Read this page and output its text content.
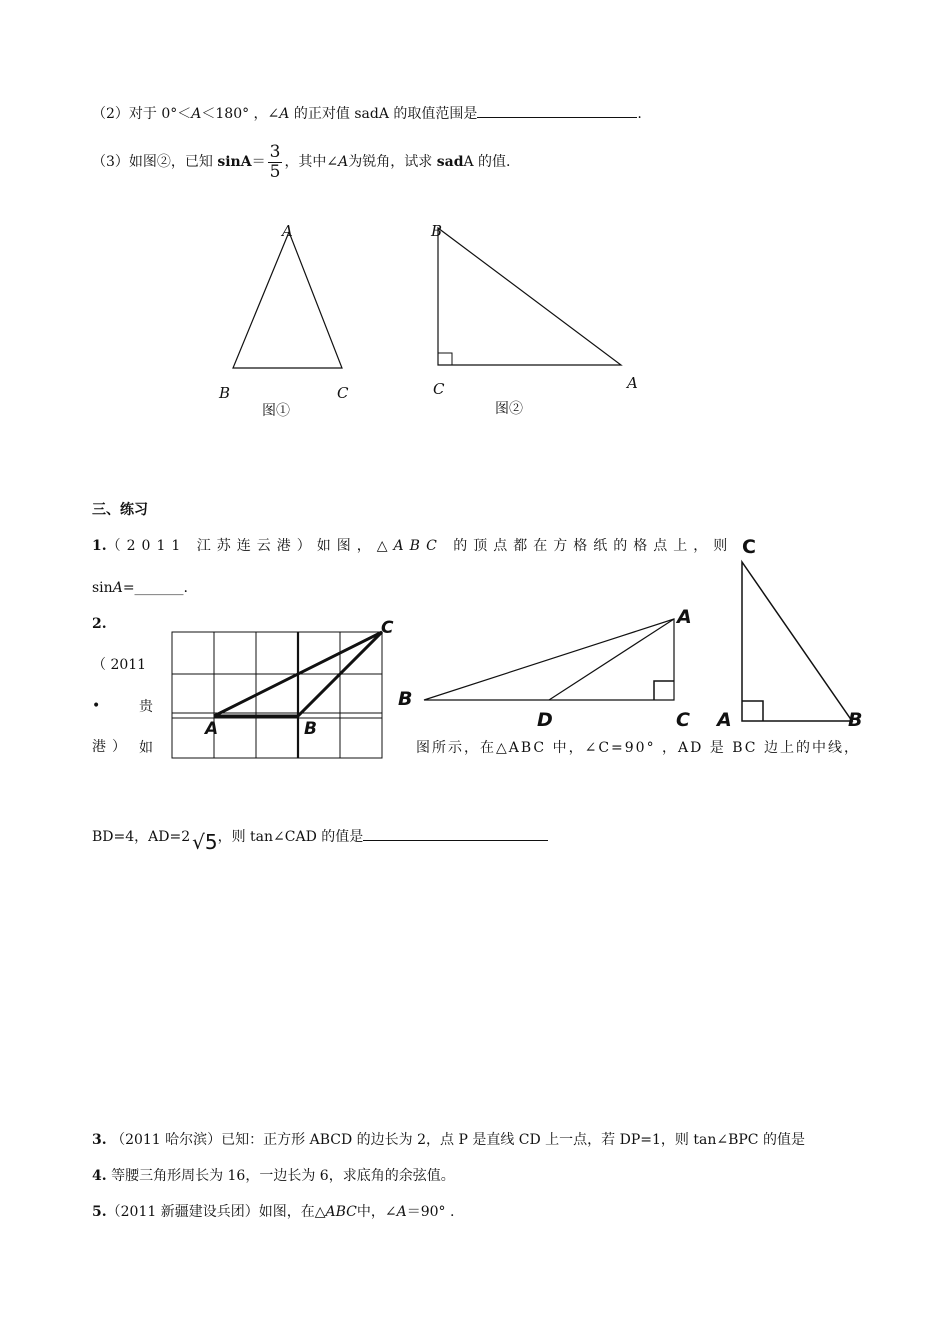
（2）对于 0°＜A＜180° ，∠A 的正对值 sadA 的取值范围是	.
（3）如图②，已知 $\sin A= \frac{3}{5}$ ，其中∠A为锐角，试求 sadA 的值.
A
B	C
图①
B
C	A
图②
三、练习
1.（2011 江苏连云港）如图，△ABC 的顶点都在方格纸的格点上，则
sinA=_______.
2.
（ 2011
•	贵
港） 如	图所示，在△ABC 中，∠C=90° ，AD 是 BC 边上的中线，
BD=4，AD=2 √5，则 tan∠CAD 的值是
A	B
C
B
D	C
A
C
A	B
3. （2011 哈尔滨）已知：正方形 ABCD 的边长为 2，点 P 是直线 CD 上一点，若 DP=1，则 tan∠BPC 的值是
4. 等腰三角形周长为 16，一边长为 6，求底角的余弦值。
5.（2011 新疆建设兵团）如图，在△ABC中，∠A＝90° .
